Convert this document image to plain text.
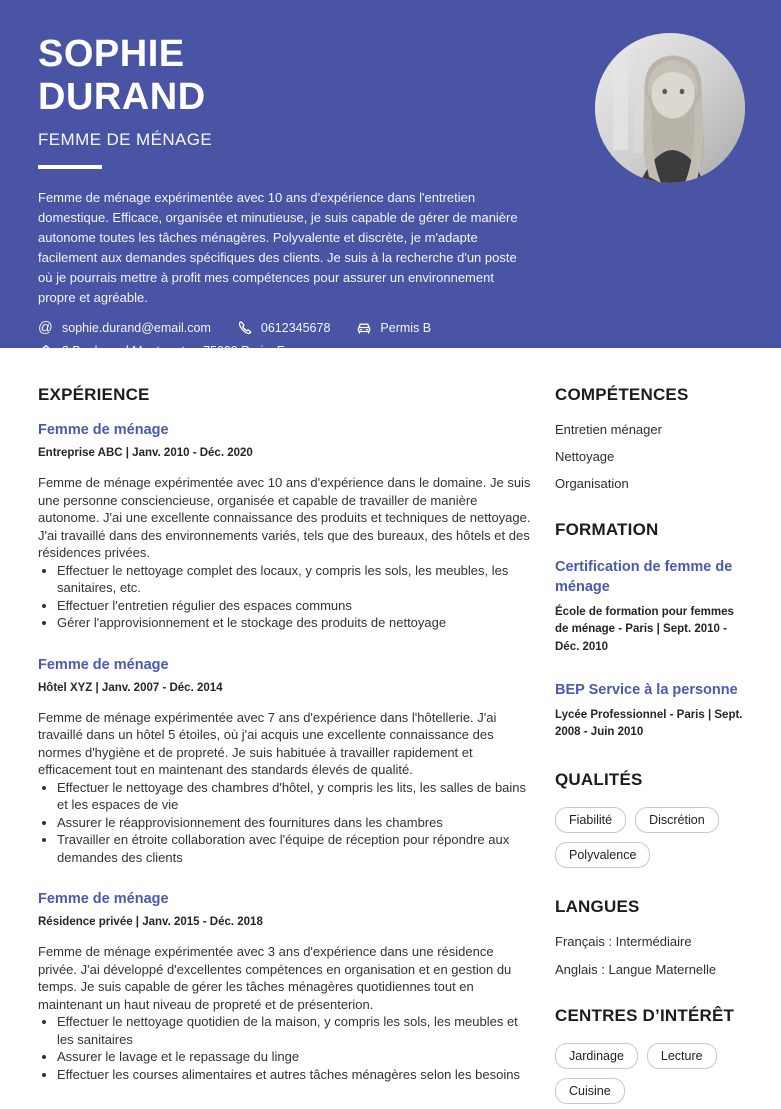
SOPHIE
DURAND
FEMME DE MÉNAGE

Femme de ménage expérimentée avec 10 ans d'expérience dans l'entretien domestique. Efficace, organisée et minutieuse, je suis capable de gérer de manière autonome toutes les tâches ménagères. Polyvalente et discrète, je m'adapte facilement aux demandes spécifiques des clients. Je suis à la recherche d'un poste où je pourrais mettre à profit mes compétences pour assurer un environnement propre et agréable.

@ sophie.durand@email.com	0612345678	Permis B
8 Boulevard Montmartre, 75009 Paris, France
EXPÉRIENCE
Femme de ménage
Entreprise ABC | Janv. 2010 - Déc. 2020

Femme de ménage expérimentée avec 10 ans d'expérience dans le domaine. Je suis une personne consciencieuse, organisée et capable de travailler de manière autonome. J'ai une excellente connaissance des produits et techniques de nettoyage. J'ai travaillé dans des environnements variés, tels que des bureaux, des hôtels et des résidences privées.

• Effectuer le nettoyage complet des locaux, y compris les sols, les meubles, les sanitaires, etc.
• Effectuer l'entretien régulier des espaces communs
• Gérer l'approvisionnement et le stockage des produits de nettoyage
Femme de ménage
Hôtel XYZ | Janv. 2007 - Déc. 2014

Femme de ménage expérimentée avec 7 ans d'expérience dans l'hôtellerie. J'ai travaillé dans un hôtel 5 étoiles, où j'ai acquis une excellente connaissance des normes d'hygiène et de propreté. Je suis habituée à travailler rapidement et efficacement tout en maintenant des standards élevés de qualité.

• Effectuer le nettoyage des chambres d'hôtel, y compris les lits, les salles de bains et les espaces de vie
• Assurer le réapprovisionnement des fournitures dans les chambres
• Travailler en étroite collaboration avec l'équipe de réception pour répondre aux demandes des clients
Femme de ménage
Résidence privée | Janv. 2015 - Déc. 2018

Femme de ménage expérimentée avec 3 ans d'expérience dans une résidence privée. J'ai développé d'excellentes compétences en organisation et en gestion du temps. Je suis capable de gérer les tâches ménagères quotidiennes tout en maintenant un haut niveau de propreté et de présenterion.

• Effectuer le nettoyage quotidien de la maison, y compris les sols, les meubles et les sanitaires
• Assurer le lavage et le repassage du linge
• Effectuer les courses alimentaires et autres tâches ménagères selon les besoins
COMPÉTENCES
Entretien ménager
Nettoyage
Organisation
FORMATION
Certification de femme de ménage
École de formation pour femmes de ménage - Paris | Sept. 2010 - Déc. 2010
BEP Service à la personne
Lycée Professionnel - Paris | Sept. 2008 - Juin 2010
QUALITÉS
Fiabilité	Discrétion
Polyvalence
LANGUES
Français : Intermédiaire
Anglais : Langue Maternelle
CENTRES D’INTÉRÊT
Jardinage	Lecture
Cuisine
